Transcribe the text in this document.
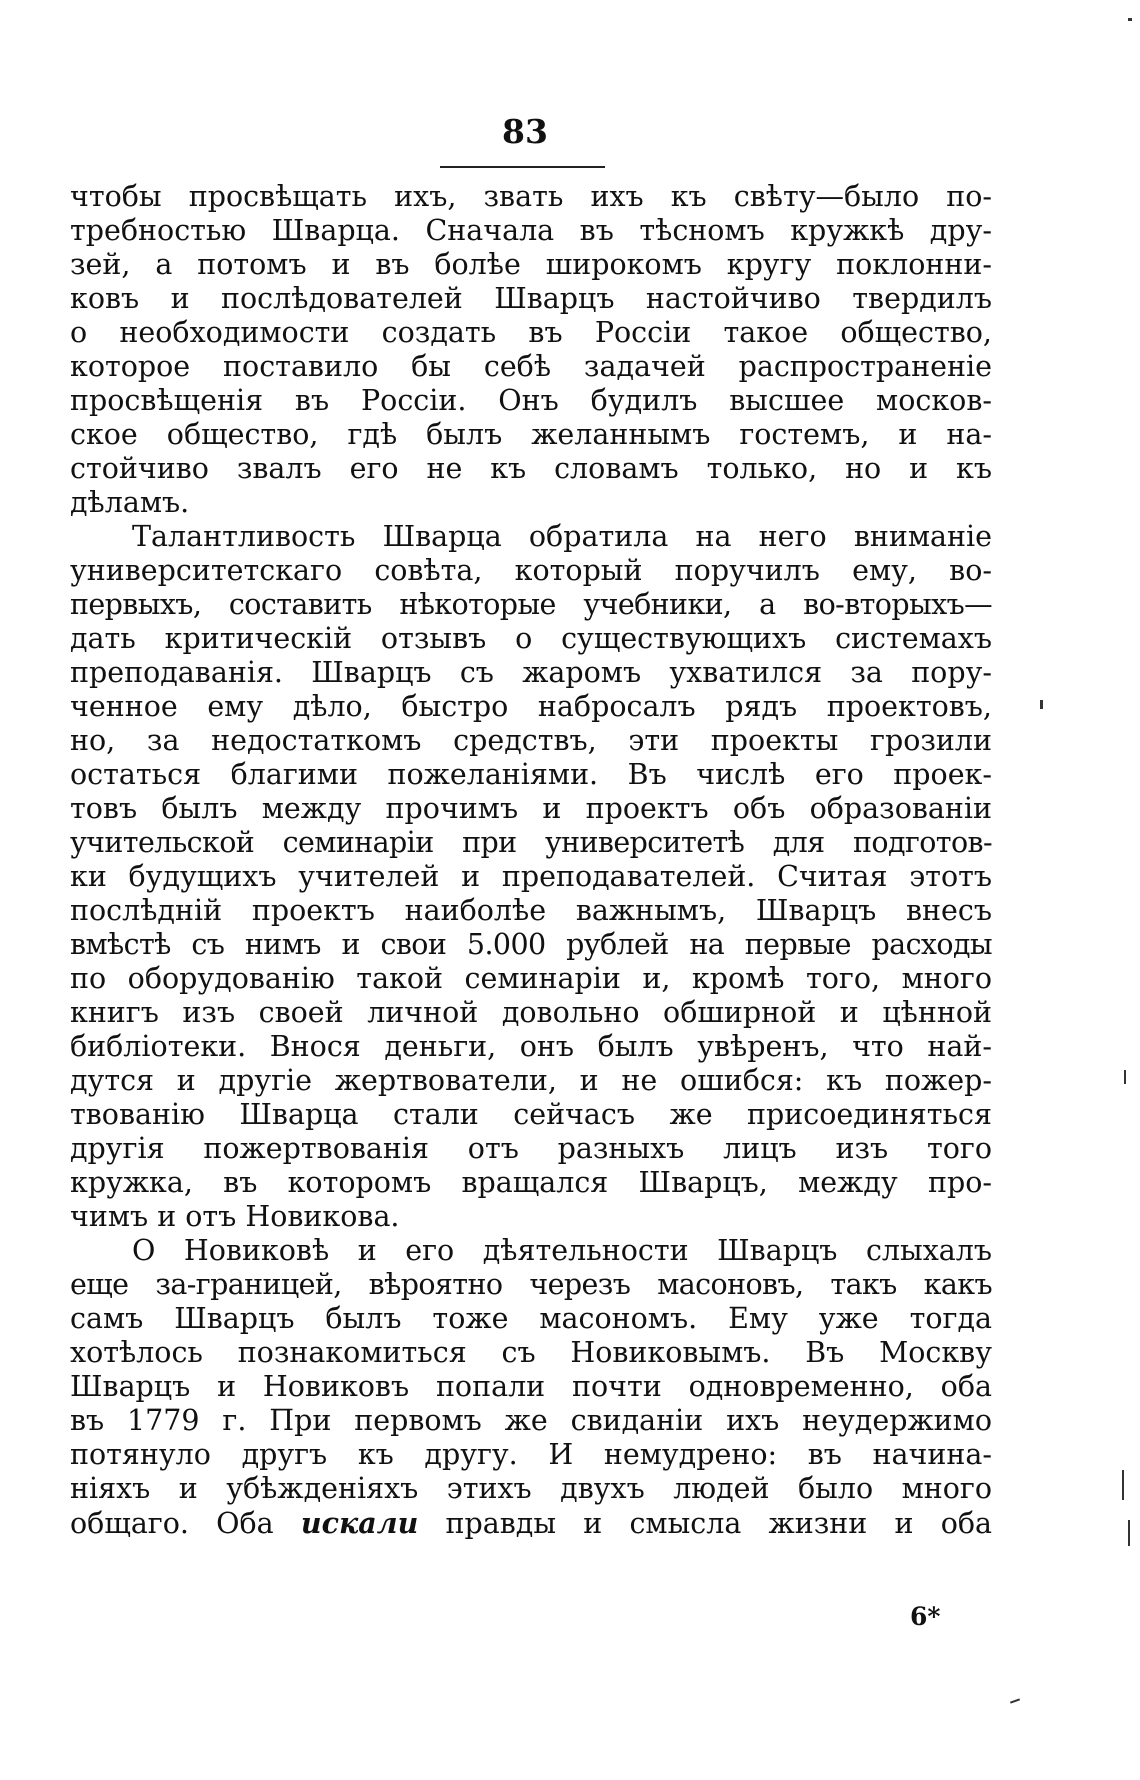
83
чтобы просвѣщать ихъ, звать ихъ къ свѣту—было по-
требностью Шварца. Сначала въ тѣсномъ кружкѣ дру-
зей, а потомъ и въ болѣе широкомъ кругу поклонни-
ковъ и послѣдователей Шварцъ настойчиво твердилъ
о необходимости создать въ Россіи такое общество,
которое поставило бы себѣ задачей распространеніе
просвѣщенія въ Россіи. Онъ будилъ высшее москов-
ское общество, гдѣ былъ желаннымъ гостемъ, и на-
стойчиво звалъ его не къ словамъ только, но и къ
дѣламъ.
Талантливость Шварца обратила на него вниманіе
университетскаго совѣта, который поручилъ ему, во-
первыхъ, составить нѣкоторые учебники, а во-вторыхъ—
дать критическій отзывъ о существующихъ системахъ
преподаванія. Шварцъ съ жаромъ ухватился за пору-
ченное ему дѣло, быстро набросалъ рядъ проектовъ,
но, за недостаткомъ средствъ, эти проекты грозили
остаться благими пожеланіями. Въ числѣ его проек-
товъ былъ между прочимъ и проектъ объ образованіи
учительской семинаріи при университетѣ для подготов-
ки будущихъ учителей и преподавателей. Считая этотъ
послѣдній проектъ наиболѣе важнымъ, Шварцъ внесъ
вмѣстѣ съ нимъ и свои 5.000 рублей на первые расходы
по оборудованію такой семинаріи и, кромѣ того, много
книгъ изъ своей личной довольно обширной и цѣнной
библіотеки. Внося деньги, онъ былъ увѣренъ, что най-
дутся и другіе жертвователи, и не ошибся: къ пожер-
твованію Шварца стали сейчасъ же присоединяться
другія пожертвованія отъ разныхъ лицъ изъ того
кружка, въ которомъ вращался Шварцъ, между про-
чимъ и отъ Новикова.
О Новиковѣ и его дѣятельности Шварцъ слыхалъ
еще за-границей, вѣроятно черезъ масоновъ, такъ какъ
самъ Шварцъ былъ тоже масономъ. Ему уже тогда
хотѣлось познакомиться съ Новиковымъ. Въ Москву
Шварцъ и Новиковъ попали почти одновременно, оба
въ 1779 г. При первомъ же свиданіи ихъ неудержимо
потянуло другъ къ другу. И немудрено: въ начина-
ніяхъ и убѣжденіяхъ этихъ двухъ людей было много
общаго. Оба искали правды и смысла жизни и оба
6*
